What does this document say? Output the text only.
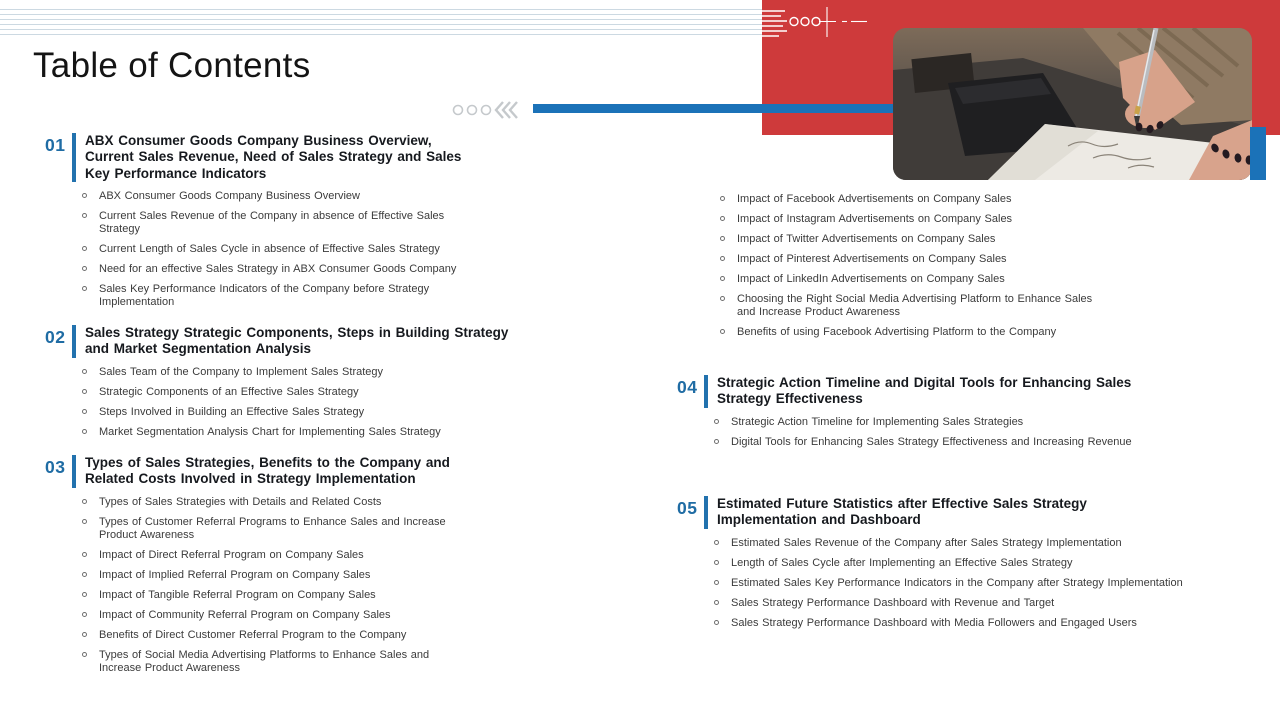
Table of Contents
01	ABX Consumer Goods Company Business Overview, Current Sales Revenue, Need of Sales Strategy and Sales Key Performance Indicators
ABX Consumer Goods Company Business Overview
Current Sales Revenue of the Company in absence of Effective Sales Strategy
Current Length of Sales Cycle in absence of Effective Sales Strategy
Need for an effective Sales Strategy in ABX Consumer Goods Company
Sales Key Performance Indicators of the Company before Strategy Implementation
02	Sales Strategy Strategic Components, Steps in Building Strategy and Market Segmentation Analysis
Sales Team of the Company to Implement Sales Strategy
Strategic Components of an Effective Sales Strategy
Steps Involved in Building an Effective Sales Strategy
Market Segmentation Analysis Chart for Implementing Sales Strategy
03	Types of Sales Strategies, Benefits to the Company and Related Costs Involved in Strategy Implementation
Types of Sales Strategies with Details and Related Costs
Types of Customer Referral Programs to Enhance Sales and Increase Product Awareness
Impact of Direct Referral Program on Company Sales
Impact of Implied Referral Program on Company Sales
Impact of Tangible Referral Program on Company Sales
Impact of Community Referral Program on Company Sales
Benefits of Direct Customer Referral Program to the Company
Types of Social Media Advertising Platforms to Enhance Sales and Increase Product Awareness
Impact of Facebook Advertisements on Company Sales
Impact of Instagram Advertisements on Company Sales
Impact of Twitter Advertisements on Company Sales
Impact of Pinterest Advertisements on Company Sales
Impact of LinkedIn Advertisements on Company Sales
Choosing the Right Social Media Advertising Platform to Enhance Sales and Increase Product Awareness
Benefits of using Facebook Advertising Platform to the Company
04	Strategic Action Timeline and Digital Tools for Enhancing Sales Strategy Effectiveness
Strategic Action Timeline for Implementing Sales Strategies
Digital Tools for Enhancing Sales Strategy Effectiveness and Increasing Revenue
05	Estimated Future Statistics after Effective Sales Strategy Implementation and Dashboard
Estimated Sales Revenue of the Company after Sales Strategy Implementation
Length of Sales Cycle after Implementing an Effective Sales Strategy
Estimated Sales Key Performance Indicators in the Company after Strategy Implementation
Sales Strategy Performance Dashboard with Revenue and Target
Sales Strategy Performance Dashboard with Media Followers and Engaged Users
